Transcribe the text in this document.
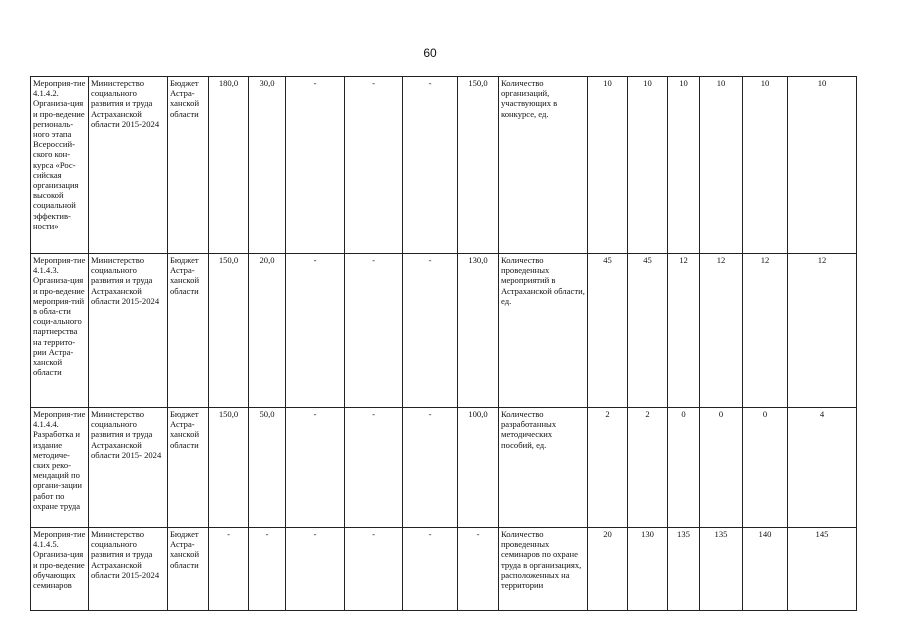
60
Мероприя-тие 4.1.4.2. Организа-ция и про-ведение региональ-ного этапа Всероссий-ского кон-курса «Рос-сийская организация высокой социальной эффектив-ности»	Министерство социального развития и труда Астраханской области 2015-2024	Бюджет Астра-ханской области	180,0	30,0	-	-	-	150,0	Количество организаций, участвующих в конкурсе, ед.	10	10	10	10	10	10
Мероприя-тие 4.1.4.3. Организа-ция и про-ведение мероприя-тий в обла-сти соци-ального партнерства на террито-рии Астра-ханской области	Министерство социального развития и труда Астраханской области 2015-2024	Бюджет Астра-ханской области	150,0	20,0	-	-	-	130,0	Количество проведенных мероприятий в Астраханской области, ед.	45	45	12	12	12	12
Мероприя-тие 4.1.4.4. Разработка и издание методиче-ских реко-мендаций по органи-зации работ по охране труда	Министерство социального развития и труда Астраханской области 2015- 2024	Бюджет Астра-ханской области	150,0	50,0	-	-	-	100,0	Количество разработанных методических пособий, ед.	2	2	0	0	0	4
Мероприя-тие 4.1.4.5. Организа-ция и про-ведение обучающих семинаров	Министерство социального развития и труда Астраханской области 2015-2024	Бюджет Астра-ханской области	-	-	-	-	-	-	Количество проведенных семинаров по охране труда в организациях, расположенных на территории	20	130	135	135	140	145
